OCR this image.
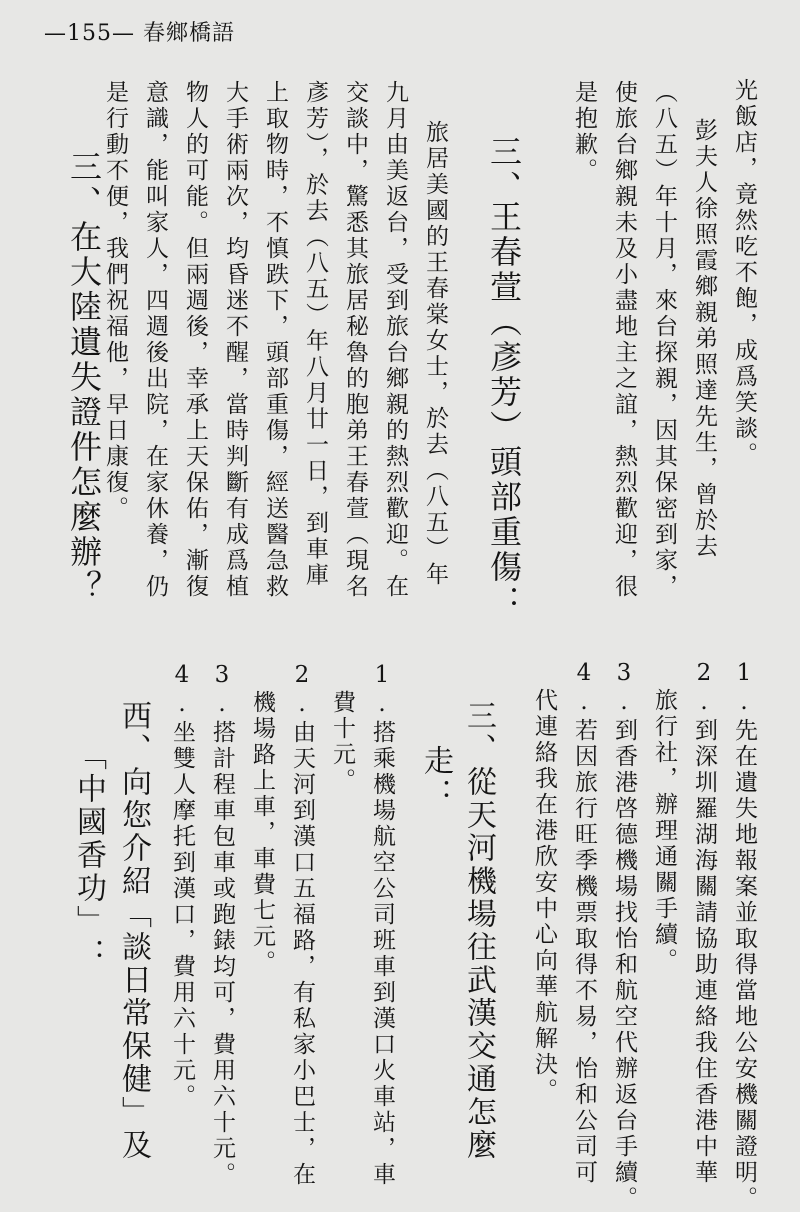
—155— 春鄉橋語
光飯店，竟然吃不飽，成爲笑談。
彭夫人徐照霞鄉親弟照達先生，曾於去
（八五）年十月，來台探親，因其保密到家，
使旅台鄉親未及小盡地主之誼，熱烈歡迎，很
是抱歉。
三、
王春萱（彥芳）頭部重傷：
旅居美國的王春棠女士，於去（八五）年
九月由美返台，受到旅台鄉親的熱烈歡迎。在
交談中，驚悉其旅居秘魯的胞弟王春萱（現名
彥芳），於去（八五）年八月廿一日，到車庫
上取物時，不慎跌下，頭部重傷，經送醫急救
大手術兩次，均昏迷不醒，當時判斷有成爲植
物人的可能。但兩週後，幸承上天保佑，漸復
意識，能叫家人，四週後出院，在家休養，仍
是行動不便，我們祝福他，早日康復。
三、在大陸遺失證件怎麼辦？
1.先在遺失地報案並取得當地公安機關證明。
2.到深圳羅湖海關請協助連絡我住香港中華
旅行社，辦理通關手續。
3.到香港啓德機場找怡和航空代辦返台手續。
4.若因旅行旺季機票取得不易，怡和公司可
代連絡我在港欣安中心向華航解決。
三、從天河機場往武漢交通怎麼
走：
1.搭乘機場航空公司班車到漢口火車站，車
費十元。
2.由天河到漢口五福路，有私家小巴士，在
機場路上車，車費七元。
3.搭計程車包車或跑錶均可，費用六十元。
4.坐雙人摩托到漢口，費用六十元。
西、向您介紹「談日常保健」及
「中國香功」：
